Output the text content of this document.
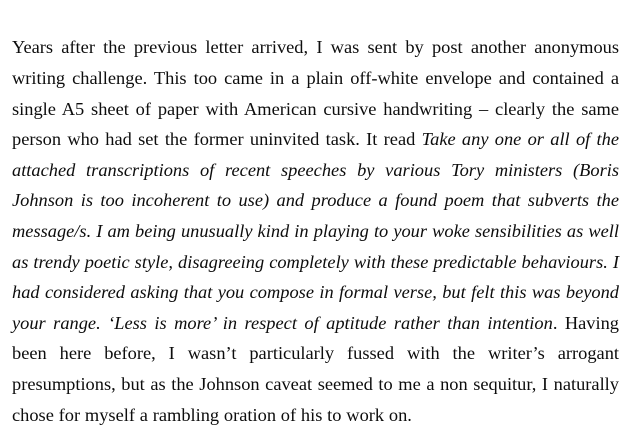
Years after the previous letter arrived, I was sent by post another anonymous writing challenge. This too came in a plain off-white envelope and contained a single A5 sheet of paper with American cursive handwriting – clearly the same person who had set the former uninvited task. It read Take any one or all of the attached transcriptions of recent speeches by various Tory ministers (Boris Johnson is too incoherent to use) and produce a found poem that subverts the message/s. I am being unusually kind in playing to your woke sensibilities as well as trendy poetic style, disagreeing completely with these predictable behaviours. I had considered asking that you compose in formal verse, but felt this was beyond your range. ‘Less is more’ in respect of aptitude rather than intention. Having been here before, I wasn’t particularly fussed with the writer’s arrogant presumptions, but as the Johnson caveat seemed to me a non sequitur, I naturally chose for myself a rambling oration of his to work on.
